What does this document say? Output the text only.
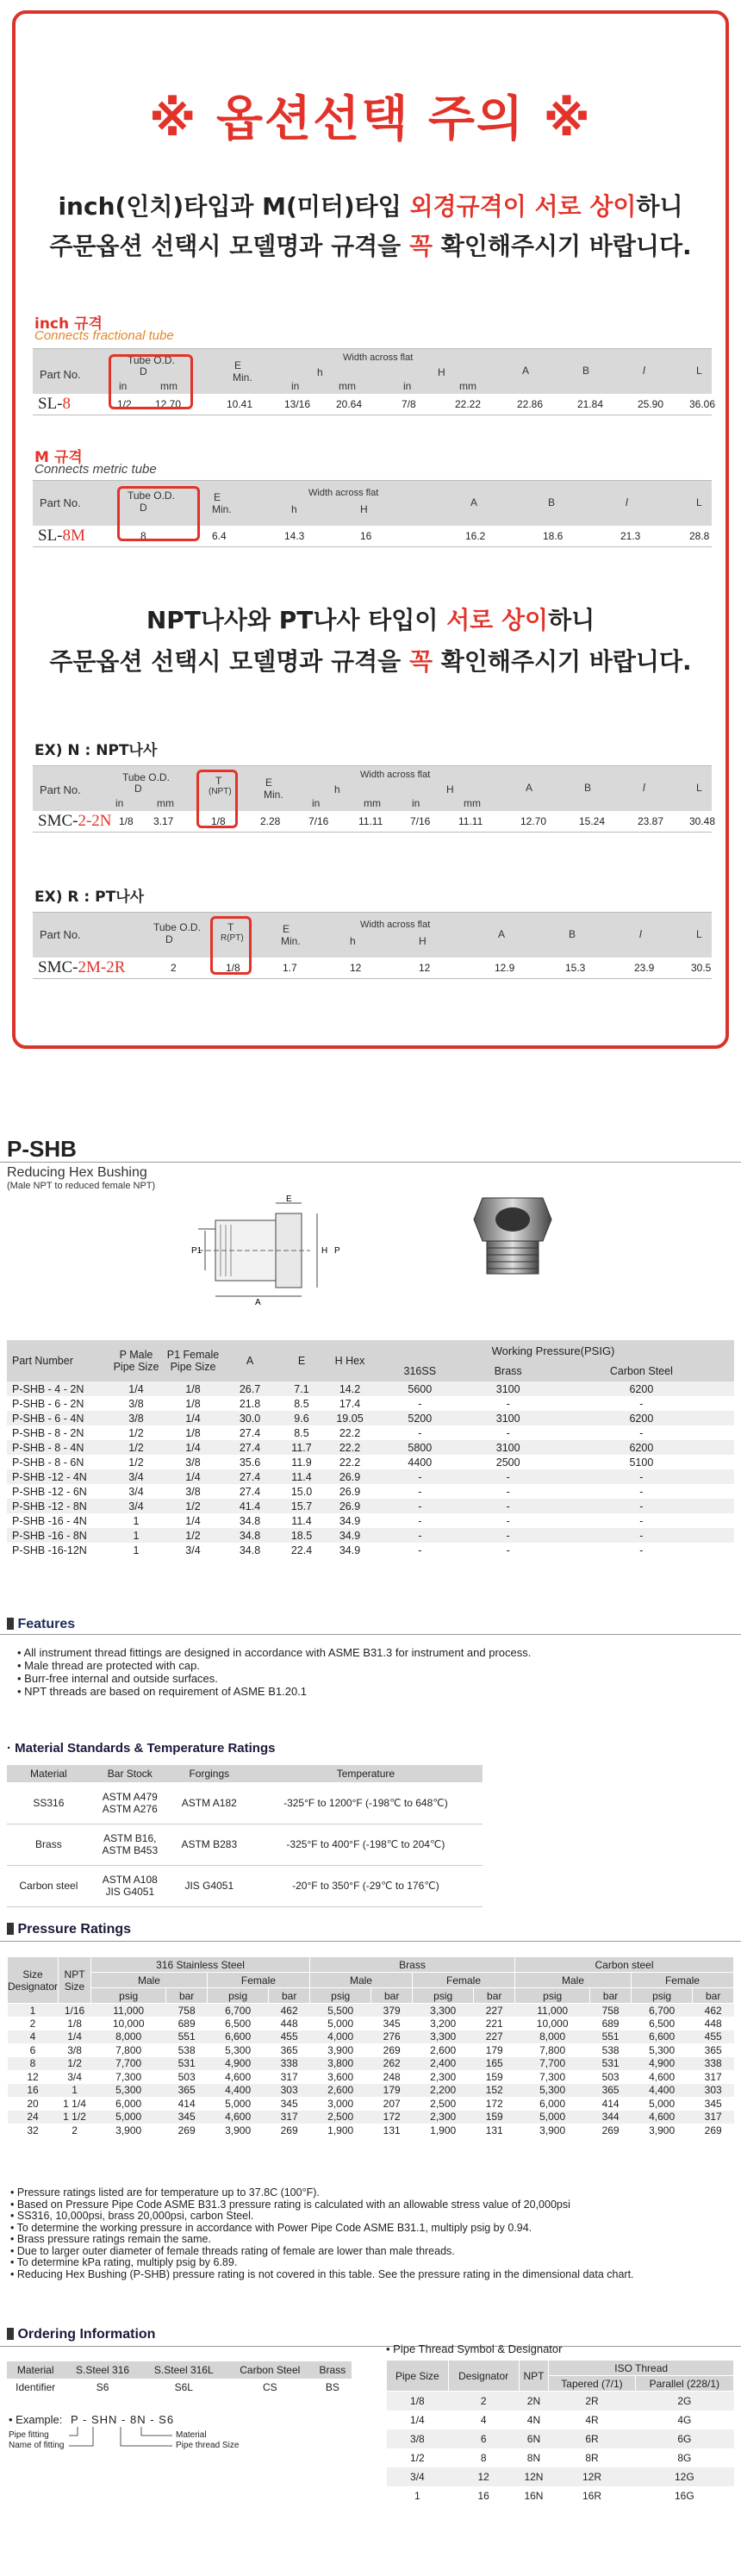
※ 옵션선택 주의 ※
inch(인치)타입과 M(미터)타입 외경규격이 서로 상이하니
주문옵션 선택시 모델명과 규격을 꼭 확인해주시기 바랍니다.
inch 규격
Connects fractional tube
Part No.
Tube O.D.
D
in	mm
E
Min.
Width across flat
h	H
in	mm	in	mm
A	B	l	L
SL-8	1/2 12.70	10.41	13/16 20.64	7/8	22.22	22.86	21.84	25.90 36.06
M 규격
Connects metric tube
Part No.
Tube O.D.
D
E
Min.
Width across flat
h	H
A	B	l	L
SL-8M	8	6.4	14.3	16	16.2	18.6	21.3	28.8
NPT나사와 PT나사 타입이 서로 상이하니
주문옵션 선택시 모델명과 규격을 꼭 확인해주시기 바랍니다.
EX) N : NPT나사
Part No.
Tube O.D.
D
in	mm
T
(NPT)
E
Min.
Width across flat
h	H
in	mm	in	mm
A	B	l	L
SMC-2-2N 1/8 3.17	1/8	2.28	7/16	11.11	7/16	11.11	12.70	15.24	23.87 30.48
EX) R : PT나사
Part No.
Tube O.D.
D
T
R(PT)
E
Min.
Width across flat
h	H
A	B	l	L
SMC-2M-2R	2	1/8	1.7	12	12	12.9	15.3	23.9	30.5
P-SHB
Reducing Hex Bushing
(Male NPT to reduced female NPT)
A
E
H
P1	P
Part Number	P Male Pipe Size	P1 Female Pipe Size	A	E	H Hex	Working Pressure(PSIG)		
						316SS	Brass	Carbon Steel
P-SHB - 4 - 2N	1/4	1/8	26.7	7.1	14.2	5600	3100	6200
P-SHB - 6 - 2N	3/8	1/8	21.8	8.5	17.4	-	-	-
P-SHB - 6 - 4N	3/8	1/4	30.0	9.6	19.05	5200	3100	6200
P-SHB - 8 - 2N	1/2	1/8	27.4	8.5	22.2	-	-	-
P-SHB - 8 - 4N	1/2	1/4	27.4	11.7	22.2	5800	3100	6200
P-SHB - 8 - 6N	1/2	3/8	35.6	11.9	22.2	4400	2500	5100
P-SHB -12 - 4N	3/4	1/4	27.4	11.4	26.9	-	-	-
P-SHB -12 - 6N	3/4	3/8	27.4	15.0	26.9	-	-	-
P-SHB -12 - 8N	3/4	1/2	41.4	15.7	26.9	-	-	-
P-SHB -16 - 4N	1	1/4	34.8	11.4	34.9	-	-	-
P-SHB -16 - 8N	1	1/2	34.8	18.5	34.9	-	-	-
P-SHB -16-12N	1	3/4	34.8	22.4	34.9	-	-	-
Features
• All instrument thread fittings are designed in accordance with ASME B31.3 for instrument and process.
• Male thread are protected with cap.
• Burr-free internal and outside surfaces.
• NPT threads are based on requirement of ASME B1.20.1
· Material Standards & Temperature Ratings
Material	Bar Stock	Forgings	Temperature
SS316	ASTM A479
ASTM A276	ASTM A182	-325°F to 1200°F (-198℃ to 648℃)
Brass	ASTM B16,
ASTM B453	ASTM B283	-325°F to 400°F (-198℃ to 204℃)
Carbon steel	ASTM A108
JIS G4051	JIS G4051	-20°F to 350°F (-29℃ to 176℃)
Pressure Ratings
Size Designator	NPT Size	316 Stainless Steel				Brass				Carbon steel			
		Male		Female		Male		Female		Male		Female	
		psig	bar	psig	bar	psig	bar	psig	bar	psig	bar	psig	bar
1	1/16	11,000	758	6,700	462	5,500	379	3,300	227	11,000	758	6,700	462
2	1/8	10,000	689	6,500	448	5,000	345	3,200	221	10,000	689	6,500	448
4	1/4	8,000	551	6,600	455	4,000	276	3,300	227	8,000	551	6,600	455
6	3/8	7,800	538	5,300	365	3,900	269	2,600	179	7,800	538	5,300	365
8	1/2	7,700	531	4,900	338	3,800	262	2,400	165	7,700	531	4,900	338
12	3/4	7,300	503	4,600	317	3,600	248	2,300	159	7,300	503	4,600	317
16	1	5,300	365	4,400	303	2,600	179	2,200	152	5,300	365	4,400	303
20	1 1/4	6,000	414	5,000	345	3,000	207	2,500	172	6,000	414	5,000	345
24	1 1/2	5,000	345	4,600	317	2,500	172	2,300	159	5,000	344	4,600	317
32	2	3,900	269	3,900	269	1,900	131	1,900	131	3,900	269	3,900	269
• Pressure ratings listed are for temperature up to 37.8C (100°F).
• Based on Pressure Pipe Code ASME B31.3 pressure rating is calculated with an allowable stress value of 20,000psi
• SS316, 10,000psi, brass 20,000psi, carbon Steel.
• To determine the working pressure in accordance with Power Pipe Code ASME B31.1, multiply psig by 0.94.
• Brass pressure ratings remain the same.
• Due to larger outer diameter of female threads rating of female are lower than male threads.
• To determine kPa rating, multiply psig by 6.89.
• Reducing Hex Bushing (P-SHB) pressure rating is not covered in this table. See the pressure rating in the dimensional data chart.
Ordering Information
Material	S.Steel 316	S.Steel 316L	Carbon Steel	Brass
Identifier	S6	S6L	CS	BS
• Example: P - SHN - 8N - S6
Pipe fitting
Name of fitting
Material
Pipe thread Size
• Pipe Thread Symbol & Designator
Pipe Size	Designator	NPT	ISO Thread	
			Tapered (7/1)	Parallel (228/1)
1/8	2	2N	2R	2G
1/4	4	4N	4R	4G
3/8	6	6N	6R	6G
1/2	8	8N	8R	8G
3/4	12	12N	12R	12G
1	16	16N	16R	16G
